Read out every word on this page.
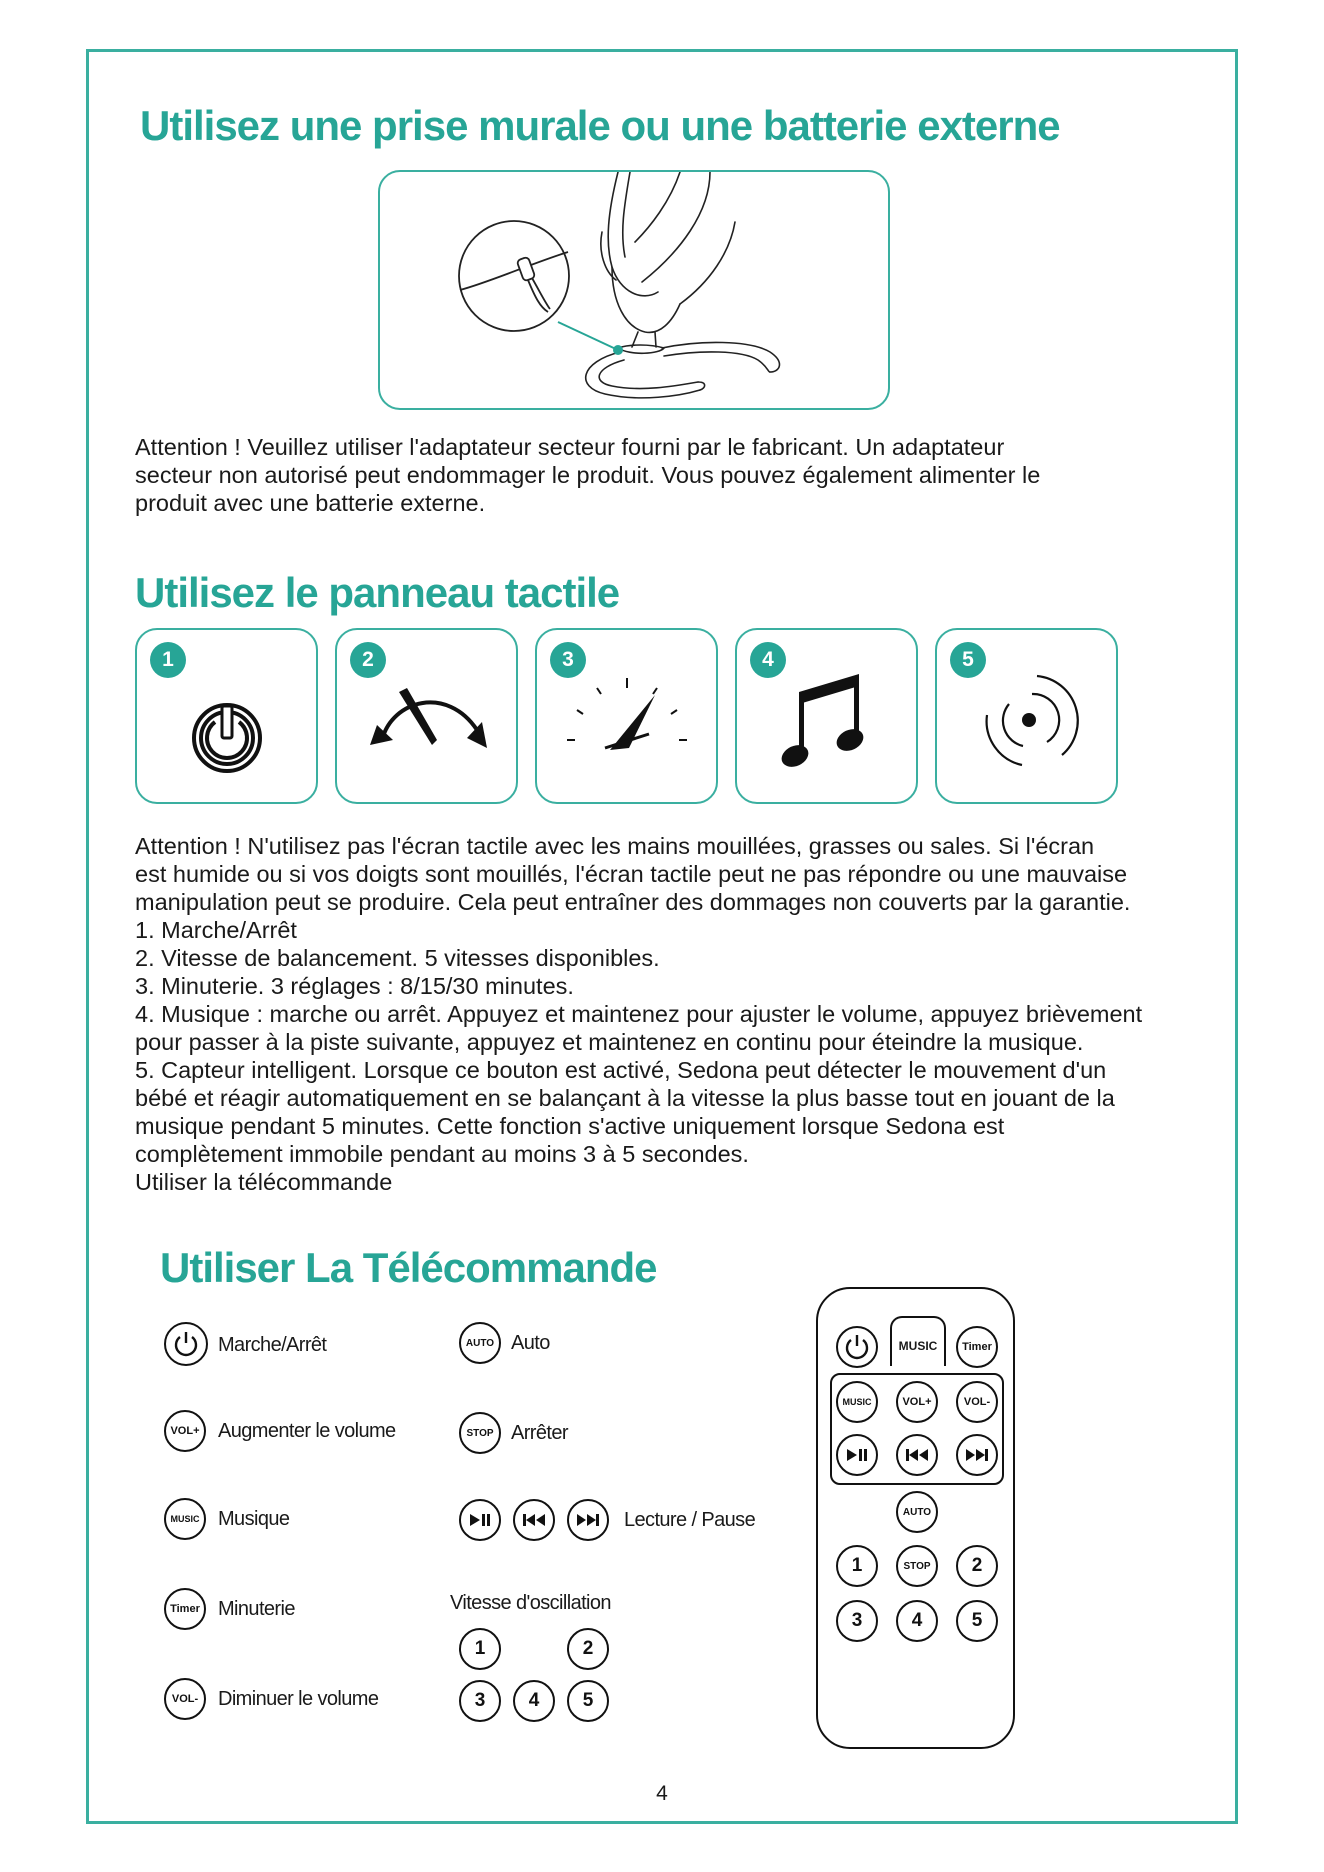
Utilisez une prise murale ou une batterie externe
Attention ! Veuillez utiliser l'adaptateur secteur fourni par le fabricant. Un adaptateur
secteur non autorisé peut endommager le produit. Vous pouvez également alimenter le
produit avec une batterie externe.
Utilisez le panneau tactile
1	2	3	4	5
Attention ! N'utilisez pas l'écran tactile avec les mains mouillées, grasses ou sales. Si l'écran
est humide ou si vos doigts sont mouillés, l'écran tactile peut ne pas répondre ou une mauvaise
manipulation peut se produire. Cela peut entraîner des dommages non couverts par la garantie.
1. Marche/Arrêt
2. Vitesse de balancement. 5 vitesses disponibles.
3. Minuterie. 3 réglages : 8/15/30 minutes.
4. Musique : marche ou arrêt. Appuyez et maintenez pour ajuster le volume, appuyez brièvement
pour passer à la piste suivante, appuyez et maintenez en continu pour éteindre la musique.
5. Capteur intelligent. Lorsque ce bouton est activé, Sedona peut détecter le mouvement d'un
bébé et réagir automatiquement en se balançant à la vitesse la plus basse tout en jouant de la
musique pendant 5 minutes. Cette fonction s'active uniquement lorsque Sedona est
complètement immobile pendant au moins 3 à 5 secondes.
Utiliser la télécommande
Utiliser La Télécommande
Marche/Arrêt
VOL+ Augmenter le volume
MUSIC Musique
Timer Minuterie
VOL- Diminuer le volume
AUTO Auto
STOP Arrêter
Lecture / Pause
Vitesse d'oscillation
1	2
3	4	5
MUSIC	Timer
MUSIC	VOL+	VOL-
AUTO
1	STOP	2
3	4	5
4
